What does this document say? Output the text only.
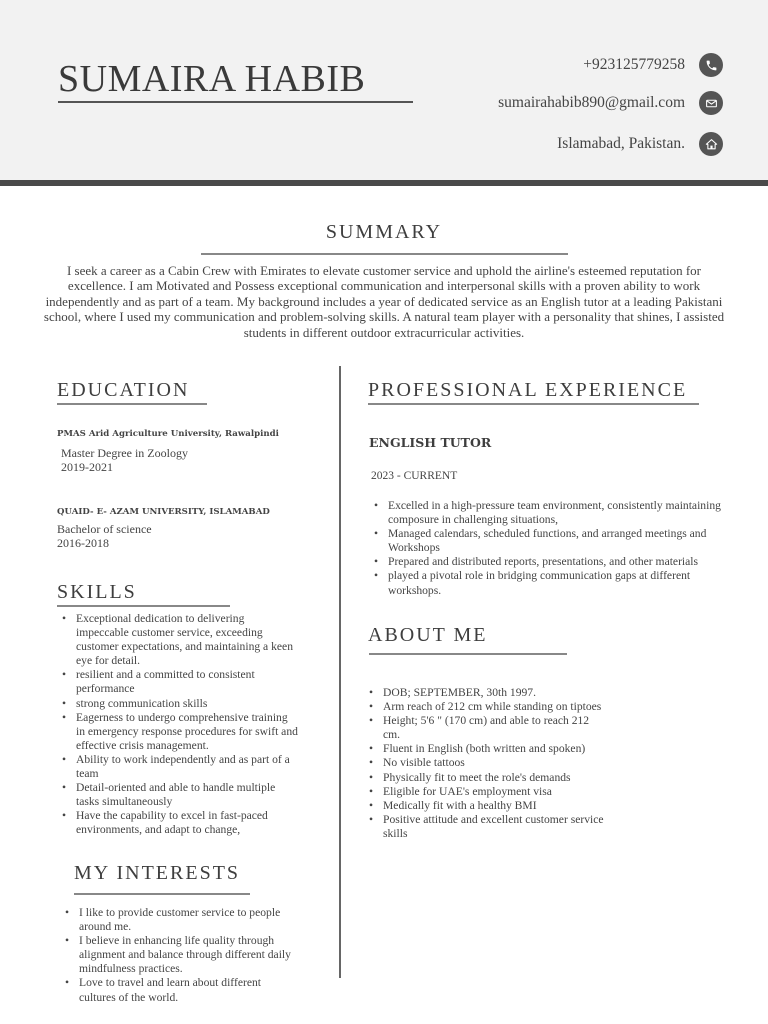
SUMAIRA HABIB	+923125779258
sumairahabib890@gmail.com
Islamabad, Pakistan.
SUMMARY
I seek a career as a Cabin Crew with Emirates to elevate customer service and uphold the airline's esteemed reputation for excellence. I am Motivated and Possess exceptional communication and interpersonal skills with a proven ability to work independently and as part of a team. My background includes a year of dedicated service as an English tutor at a leading Pakistani school, where I used my communication and problem-solving skills. A natural team player with a personality that shines, I assisted students in different outdoor extracurricular activities.
EDUCATION
PMAS Arid Agriculture University, Rawalpindi
Master Degree in Zoology
2019-2021
QUAID- E- AZAM UNIVERSITY, ISLAMABAD
Bachelor of science
2016-2018
SKILLS
• Exceptional dedication to delivering impeccable customer service, exceeding customer expectations, and maintaining a keen eye for detail.
• resilient and a committed to consistent performance
• strong communication skills
• Eagerness to undergo comprehensive training in emergency response procedures for swift and effective crisis management.
• Ability to work independently and as part of a team
• Detail-oriented and able to handle multiple tasks simultaneously
• Have the capability to excel in fast-paced environments, and adapt to change,
MY INTERESTS
• I like to provide customer service to people around me.
• I believe in enhancing life quality through alignment and balance through different daily mindfulness practices.
• Love to travel and learn about different cultures of the world.
PROFESSIONAL EXPERIENCE
ENGLISH TUTOR
2023 - CURRENT
• Excelled in a high-pressure team environment, consistently maintaining composure in challenging situations,
• Managed calendars, scheduled functions, and arranged meetings and Workshops
• Prepared and distributed reports, presentations, and other materials
• played a pivotal role in bridging communication gaps at different workshops.
ABOUT ME
• DOB; SEPTEMBER, 30th 1997.
• Arm reach of 212 cm while standing on tiptoes
• Height; 5'6 " (170 cm) and able to reach 212 cm.
• Fluent in English (both written and spoken)
• No visible tattoos
• Physically fit to meet the role's demands
• Eligible for UAE's employment visa
• Medically fit with a healthy BMI
• Positive attitude and excellent customer service skills
